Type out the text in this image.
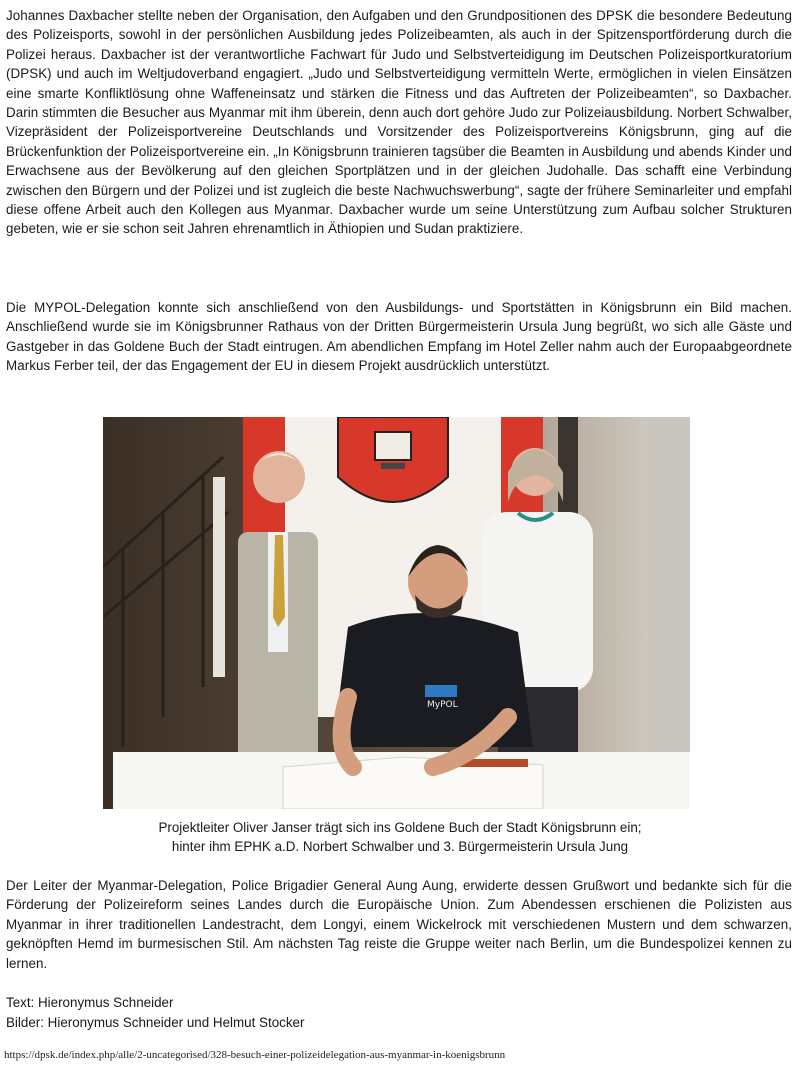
Johannes Daxbacher stellte neben der Organisation, den Aufgaben und den Grundpositionen des DPSK die besondere Bedeutung des Polizeisports, sowohl in der persönlichen Ausbildung jedes Polizeibeamten, als auch in der Spitzensportförderung durch die Polizei heraus. Daxbacher ist der verantwortliche Fachwart für Judo und Selbstverteidigung im Deutschen Polizeisportkuratorium (DPSK) und auch im Weltjudoverband engagiert. „Judo und Selbstverteidigung vermitteln Werte, ermöglichen in vielen Einsätzen eine smarte Konfliktlösung ohne Waffeneinsatz und stärken die Fitness und das Auftreten der Polizeibeamten“, so Daxbacher. Darin stimmten die Besucher aus Myanmar mit ihm überein, denn auch dort gehöre Judo zur Polizeiausbildung. Norbert Schwalber, Vizepräsident der Polizeisportvereine Deutschlands und Vorsitzender des Polizeisportvereins Königsbrunn, ging auf die Brückenfunktion der Polizeisportvereine ein. „In Königsbrunn trainieren tagsüber die Beamten in Ausbildung und abends Kinder und Erwachsene aus der Bevölkerung auf den gleichen Sportplätzen und in der gleichen Judohalle. Das schafft eine Verbindung zwischen den Bürgern und der Polizei und ist zugleich die beste Nachwuchswerbung“, sagte der frühere Seminarleiter und empfahl diese offene Arbeit auch den Kollegen aus Myanmar. Daxbacher wurde um seine Unterstützung zum Aufbau solcher Strukturen gebeten, wie er sie schon seit Jahren ehrenamtlich in Äthiopien und Sudan praktiziere.
Die MYPOL-Delegation konnte sich anschließend von den Ausbildungs- und Sportstätten in Königsbrunn ein Bild machen. Anschließend wurde sie im Königsbrunner Rathaus von der Dritten Bürgermeisterin Ursula Jung begrüßt, wo sich alle Gäste und Gastgeber in das Goldene Buch der Stadt eintrugen. Am abendlichen Empfang im Hotel Zeller nahm auch der Europaabgeordnete Markus Ferber teil, der das Engagement der EU in diesem Projekt ausdrücklich unterstützt.
MyPOL
Projektleiter Oliver Janser trägt sich ins Goldene Buch der Stadt Königsbrunn ein;
hinter ihm EPHK a.D. Norbert Schwalber und 3. Bürgermeisterin Ursula Jung
Der Leiter der Myanmar-Delegation, Police Brigadier General Aung Aung, erwiderte dessen Grußwort und bedankte sich für die Förderung der Polizeireform seines Landes durch die Europäische Union. Zum Abendessen erschienen die Polizisten aus Myanmar in ihrer traditionellen Landestracht, dem Longyi, einem Wickelrock mit verschiedenen Mustern und dem schwarzen, geknöpften Hemd im burmesischen Stil. Am nächsten Tag reiste die Gruppe weiter nach Berlin, um die Bundespolizei kennen zu lernen.
Text: Hieronymus Schneider
Bilder: Hieronymus Schneider und Helmut Stocker
https://dpsk.de/index.php/alle/2-uncategorised/328-besuch-einer-polizeidelegation-aus-myanmar-in-koenigsbrunn
